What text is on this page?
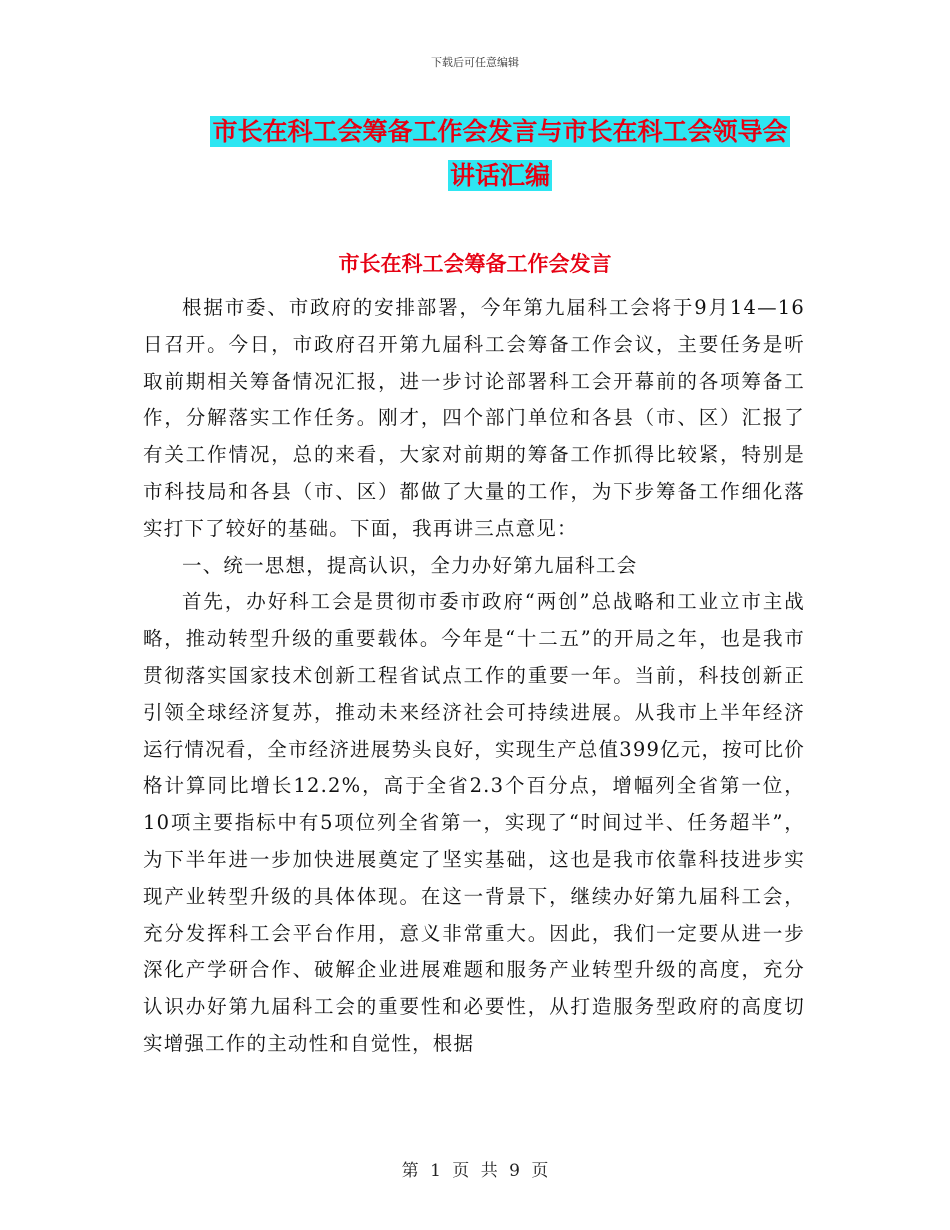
下载后可任意编辑
市长在科工会筹备工作会发言与市长在科工会领导会
讲话汇编
市长在科工会筹备工作会发言

根据市委、市政府的安排部署，今年第九届科工会将于9月14—16日召开。今日，市政府召开第九届科工会筹备工作会议，主要任务是听取前期相关筹备情况汇报，进一步讨论部署科工会开幕前的各项筹备工作，分解落实工作任务。刚才，四个部门单位和各县（市、区）汇报了有关工作情况，总的来看，大家对前期的筹备工作抓得比较紧，特别是市科技局和各县（市、区）都做了大量的工作，为下步筹备工作细化落实打下了较好的基础。下面，我再讲三点意见：

一、统一思想，提高认识，全力办好第九届科工会

首先，办好科工会是贯彻市委市政府“两创”总战略和工业立市主战略，推动转型升级的重要载体。今年是“十二五”的开局之年，也是我市贯彻落实国家技术创新工程省试点工作的重要一年。当前，科技创新正引领全球经济复苏，推动未来经济社会可持续进展。从我市上半年经济运行情况看，全市经济进展势头良好，实现生产总值399亿元，按可比价格计算同比增长12.2%，高于全省2.3个百分点，增幅列全省第一位，10项主要指标中有5项位列全省第一，实现了“时间过半、任务超半”，为下半年进一步加快进展奠定了坚实基础，这也是我市依靠科技进步实现产业转型升级的具体体现。在这一背景下，继续办好第九届科工会，充分发挥科工会平台作用，意义非常重大。因此，我们一定要从进一步深化产学研合作、破解企业进展难题和服务产业转型升级的高度，充分认识办好第九届科工会的重要性和必要性，从打造服务型政府的高度切实增强工作的主动性和自觉性，根据

第 1 页 共 9 页
